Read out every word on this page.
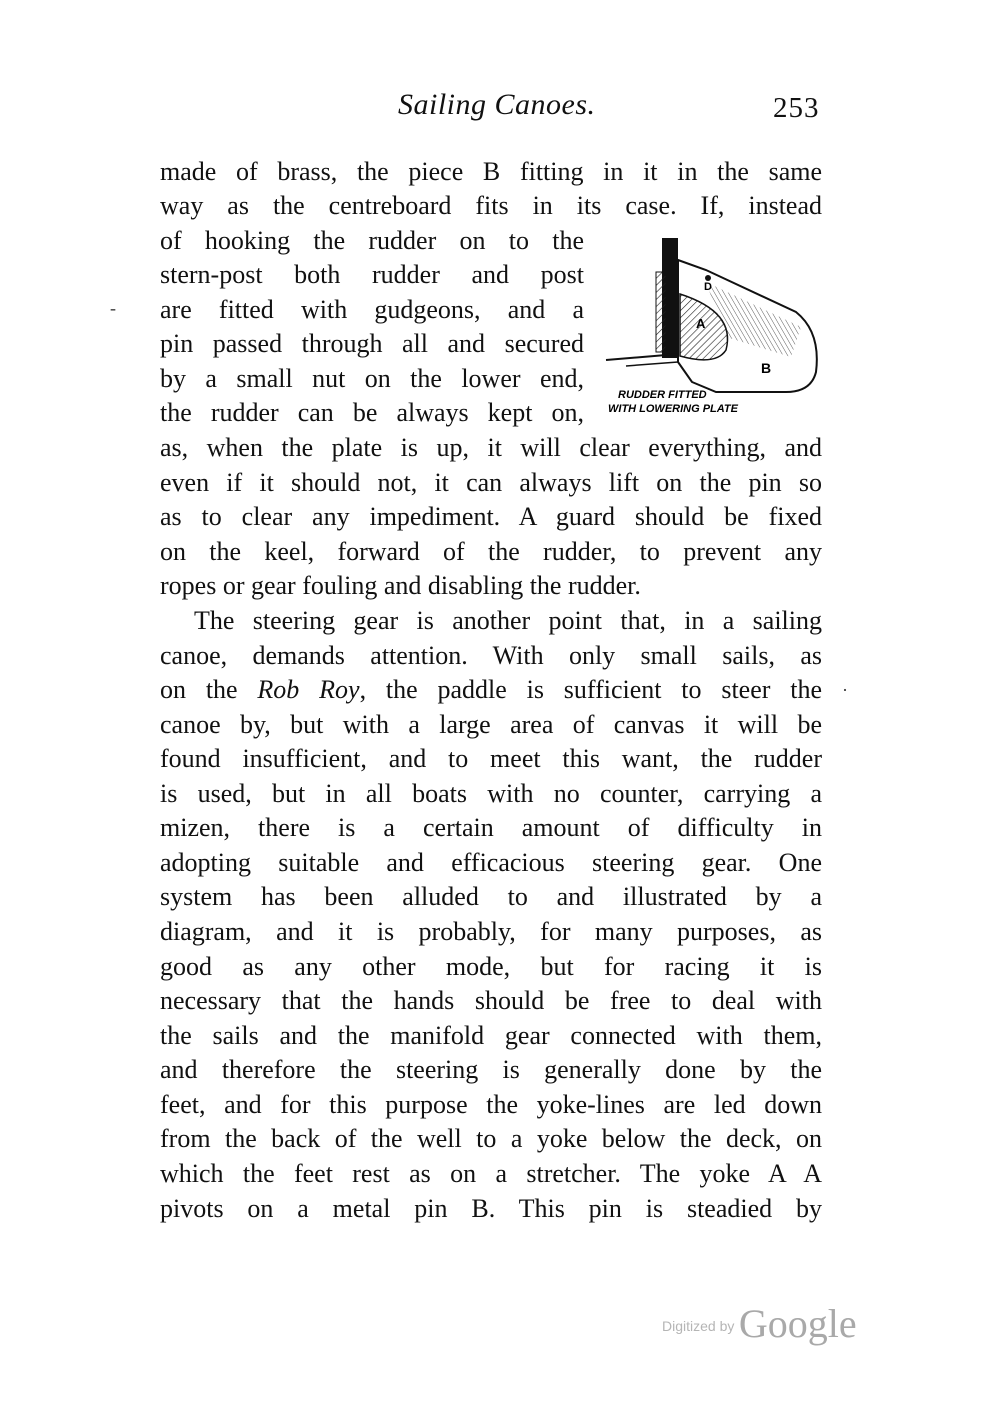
Sailing Canoes.	253
made of brass, the piece B fitting in it in the same
way as the centreboard fits in its case. If, instead
of hooking the rudder on to the
stern-post both rudder and post
are fitted with gudgeons, and a
pin passed through all and secured
by a small nut on the lower end,
the rudder can be always kept on,
D
A
B
RUDDER FITTED
WITH LOWERING PLATE
as, when the plate is up, it will clear everything, and
even if it should not, it can always lift on the pin so
as to clear any impediment. A guard should be fixed
on the keel, forward of the rudder, to prevent any
ropes or gear fouling and disabling the rudder.
The steering gear is another point that, in a sailing
canoe, demands attention. With only small sails, as
on the Rob Roy, the paddle is sufficient to steer the
canoe by, but with a large area of canvas it will be
found insufficient, and to meet this want, the rudder
is used, but in all boats with no counter, carrying a
mizen, there is a certain amount of difficulty in
adopting suitable and efficacious steering gear. One
system has been alluded to and illustrated by a
diagram, and it is probably, for many purposes, as
good as any other mode, but for racing it is
necessary that the hands should be free to deal with
the sails and the manifold gear connected with them,
and therefore the steering is generally done by the
feet, and for this purpose the yoke-lines are led down
from the back of the well to a yoke below the deck, on
which the feet rest as on a stretcher. The yoke A A
pivots on a metal pin B. This pin is steadied by
-
·
Digitized by Google
